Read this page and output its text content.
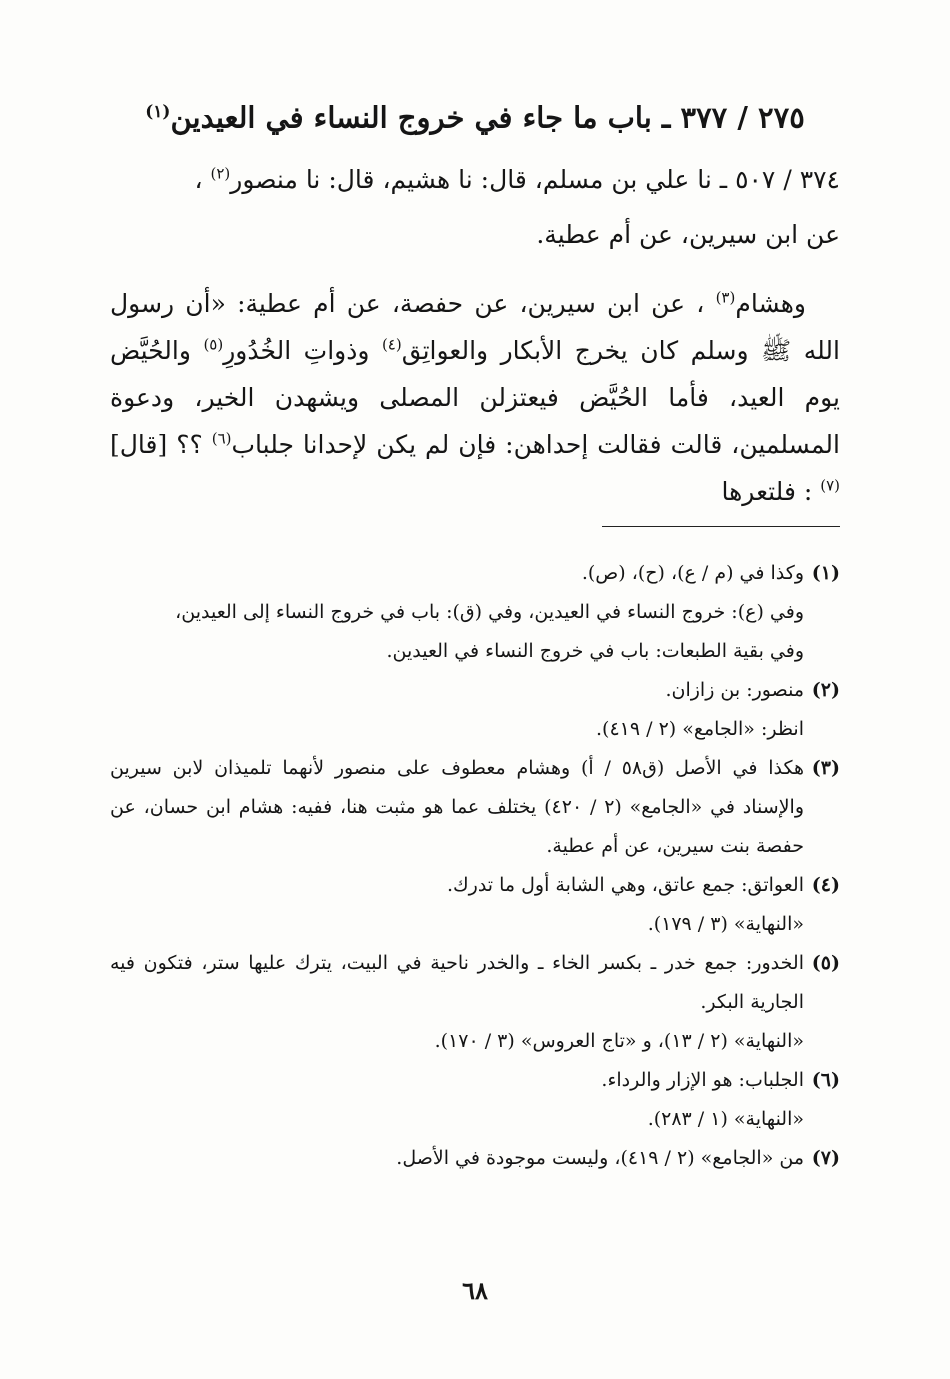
٢٧٥ / ٣٧٧ ـ باب ما جاء في خروج النساء في العيدين$^{(١)}$
٣٧٤ / ٥٠٧ ـ نا علي بن مسلم، قال: نا هشيم، قال: نا منصور$^{(٢)}$ ،
عن ابن سيرين، عن أم عطية.

وهشام$^{(٣)}$ ، عن ابن سيرين، عن حفصة، عن أم عطية: «أن رسول الله ﷺ وسلم كان يخرج الأبكار والعواتِق$^{(٤)}$ وذواتِ الخُدُورِ$^{(٥)}$ والحُيَّض يوم العيد، فأما الحُيَّض فيعتزلن المصلى ويشهدن الخير، ودعوة المسلمين، قالت فقالت إحداهن: فإن لم يكن لإحدانا جلباب$^{(٦)}$ ؟؟ [قال]$^{(٧)}$ : فلتعرها

(١)
وكذا في (م / ع)، (ح)، (ص).
وفي (ع): خروج النساء في العيدين، وفي (ق): باب في خروج النساء إلى العيدين،
وفي بقية الطبعات: باب في خروج النساء في العيدين.
(٢)
منصور: بن زازان.
انظر: «الجامع» (٢ / ٤١٩).
(٣)
هكذا في الأصل (ق٥٨ / أ) وهشام معطوف على منصور لأنهما تلميذان لابن سيرين والإسناد في «الجامع» (٢ / ٤٢٠) يختلف عما هو مثبت هنا، ففيه: هشام ابن حسان، عن حفصة بنت سيرين، عن أم عطية.
(٤)
العواتق: جمع عاتق، وهي الشابة أول ما تدرك.
«النهاية» (٣ / ١٧٩).
(٥)
الخدور: جمع خدر ـ بكسر الخاء ـ والخدر ناحية في البيت، يترك عليها ستر، فتكون فيه الجارية البكر.
«النهاية» (٢ / ١٣)، و «تاج العروس» (٣ / ١٧٠).
(٦)
الجلباب: هو الإزار والرداء.
«النهاية» (١ / ٢٨٣).
(٧)
من «الجامع» (٢ / ٤١٩)، وليست موجودة في الأصل.
٦٨
